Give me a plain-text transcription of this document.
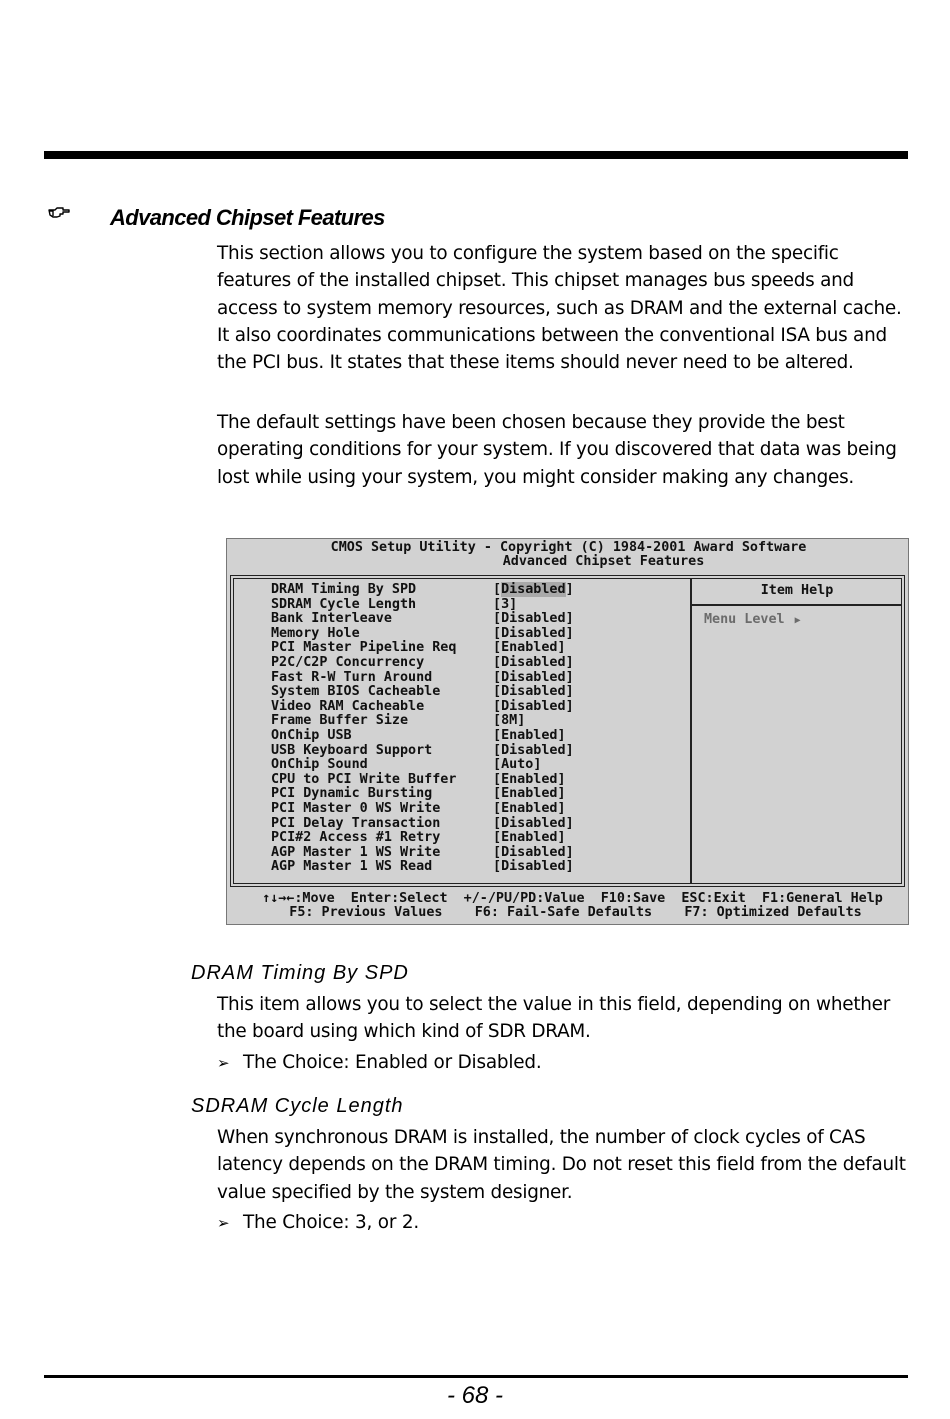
Advanced Chipset Features

This section allows you to configure the system based on the specific features of the installed chipset. This chipset manages bus speeds and access to system memory resources, such as DRAM and the external cache. It also coordinates communications between the conventional ISA bus and the PCI bus. It states that these items should never need to be altered.

The default settings have been chosen because they provide the best operating conditions for your system. If you discovered that data was being lost while using your system, you might consider making any changes.

CMOS Setup Utility - Copyright (C) 1984-2001 Award Software
Advanced Chipset Features
DRAM Timing By SPD
SDRAM Cycle Length
Bank Interleave
Memory Hole
PCI Master Pipeline Req
P2C/C2P Concurrency
Fast R-W Turn Around
System BIOS Cacheable
Video RAM Cacheable
Frame Buffer Size
OnChip USB
USB Keyboard Support
OnChip Sound
CPU to PCI Write Buffer
PCI Dynamic Bursting
PCI Master 0 WS Write
PCI Delay Transaction
PCI#2 Access #1 Retry
AGP Master 1 WS Write
AGP Master 1 WS Read
[Disabled]
[3]
[Disabled]
[Disabled]
[Enabled]
[Disabled]
[Disabled]
[Disabled]
[Disabled]
[8M]
[Enabled]
[Disabled]
[Auto]
[Enabled]
[Enabled]
[Enabled]
[Disabled]
[Enabled]
[Disabled]
[Disabled]
Item Help
Menu Level ▶
↑↓→←:Move  Enter:Select  +/-/PU/PD:Value  F10:Save  ESC:Exit  F1:General Help
F5: Previous Values    F6: Fail-Safe Defaults    F7: Optimized Defaults
DRAM Timing By SPD

This item allows you to select the value in this field, depending on whether the board using which kind of SDR DRAM.

➢ The Choice: Enabled or Disabled.

SDRAM Cycle Length

When synchronous DRAM is installed, the number of clock cycles of CAS latency depends on the DRAM timing. Do not reset this field from the default value specified by the system designer.

➢ The Choice: 3, or 2.

- 68 -
